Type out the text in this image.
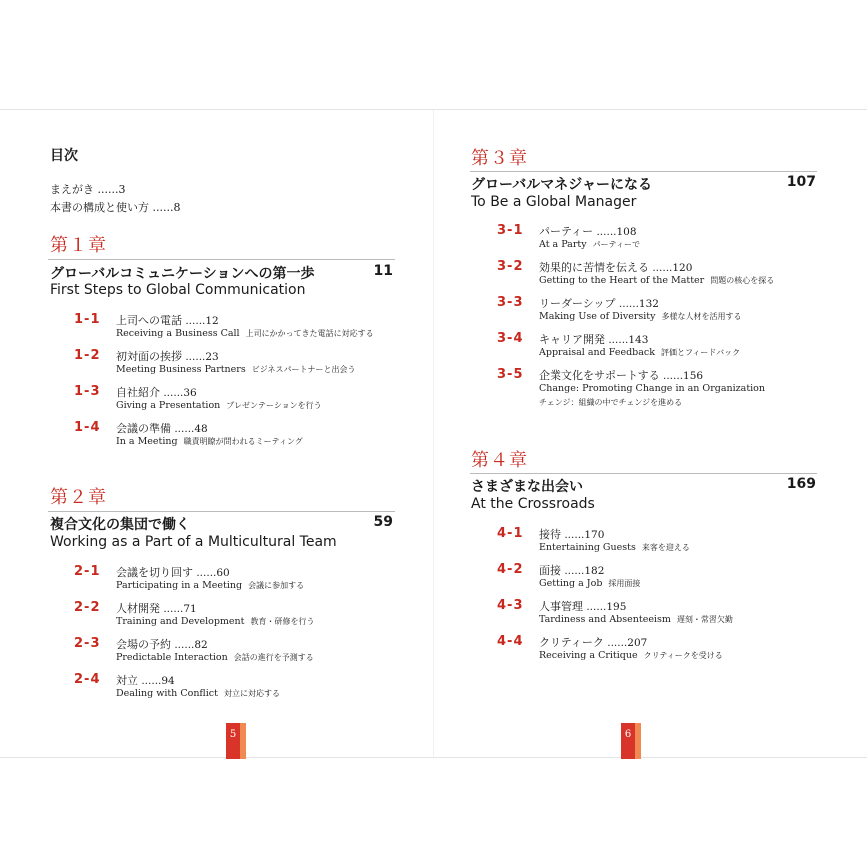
目次
まえがき ......3
本書の構成と使い方 ......8
第１章
グローバルコミュニケーションへの第一歩	11
First Steps to Global Communication
1-1	上司への電話 ......12
Receiving a Business Call 上司にかかってきた電話に対応する
1-2	初対面の挨拶 ......23
Meeting Business Partners ビジネスパートナーと出会う
1-3	自社紹介 ......36
Giving a Presentation プレゼンテーションを行う
1-4	会議の準備 ......48
In a Meeting 職責明瞭が問われるミーティング
第２章
複合文化の集団で働く	59
Working as a Part of a Multicultural Team
2-1	会議を切り回す ......60
Participating in a Meeting 会議に参加する
2-2	人材開発 ......71
Training and Development 教育・研修を行う
2-3	会場の予約 ......82
Predictable Interaction 会話の進行を予測する
2-4	対立 ......94
Dealing with Conflict 対立に対応する
5
第３章
グローバルマネジャーになる	107
To Be a Global Manager
3-1	パーティー ......108
At a Party パーティーで
3-2	効果的に苦情を伝える ......120
Getting to the Heart of the Matter 問題の核心を探る
3-3	リーダーシップ ......132
Making Use of Diversity 多様な人材を活用する
3-4	キャリア開発 ......143
Appraisal and Feedback 評価とフィードバック
3-5	企業文化をサポートする ......156
Change: Promoting Change in an Organization
チェンジ：組織の中でチェンジを進める
第４章
さまざまな出会い	169
At the Crossroads
4-1	接待 ......170
Entertaining Guests 来客を迎える
4-2	面接 ......182
Getting a Job 採用面接
4-3	人事管理 ......195
Tardiness and Absenteeism 遅刻・常習欠勤
4-4	クリティーク ......207
Receiving a Critique クリティークを受ける
6
